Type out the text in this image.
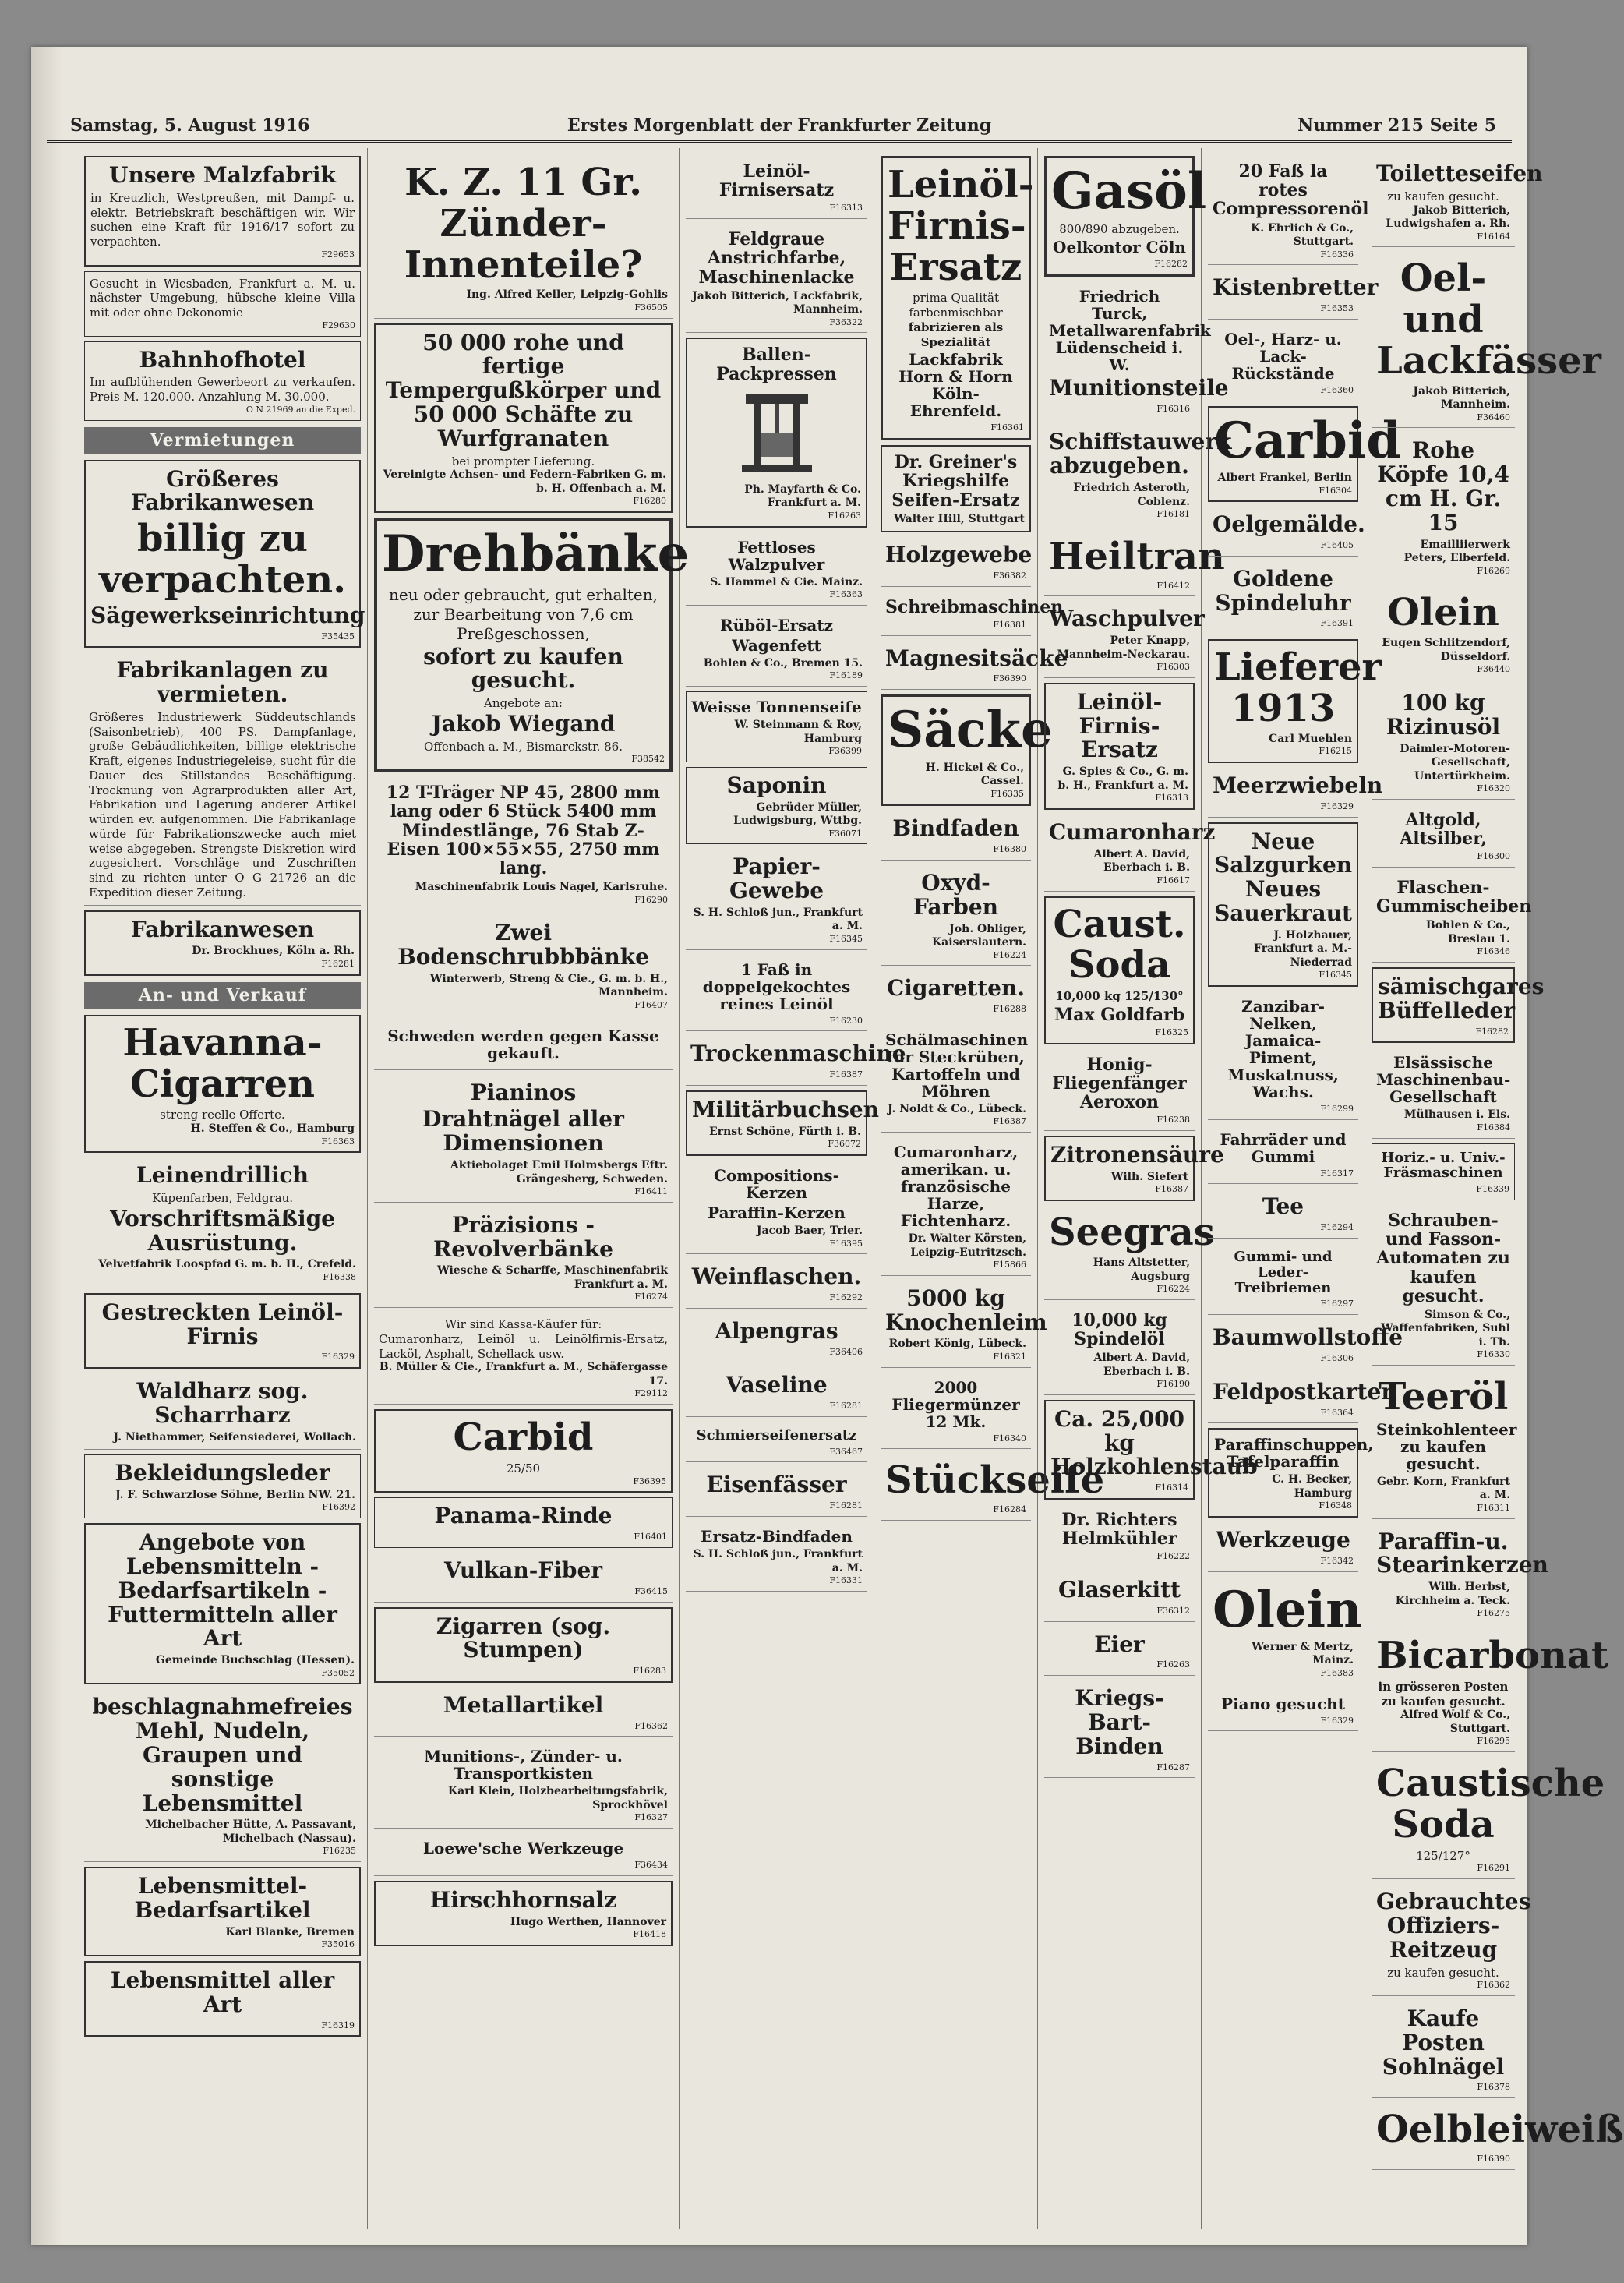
Samstag, 5. August 1916	Erstes Morgenblatt der Frankfurter Zeitung	Nummer 215 Seite 5
Unsere Malzfabrik
in Kreuzlich, Westpreußen, mit Dampf- u. elektr. Betriebskraft beschäftigen wir. Wir suchen eine Kraft für 1916/17 sofort zu verpachten.
F29653
Gesucht in Wiesbaden, Frankfurt a. M. u. nächster Umgebung, hübsche kleine Villa mit oder ohne Dekonomie
F29630
Bahnhofhotel
Im aufblühenden Gewerbeort zu verkaufen. Preis M. 120.000. Anzahlung M. 30.000.
O N 21969 an die Exped.
Vermietungen
Größeres Fabrikanwesen
billig zu verpachten.
Sägewerkseinrichtung
F35435
Fabrikanlagen zu vermieten.
Größeres Industriewerk Süddeutschlands (Saisonbetrieb), 400 PS. Dampfanlage, große Gebäudlichkeiten, billige elektrische Kraft, eigenes Industriegeleise, sucht für die Dauer des Stillstandes Beschäftigung. Trocknung von Agrarprodukten aller Art, Fabrikation und Lagerung anderer Artikel würden ev. aufgenommen. Die Fabrikanlage würde für Fabrikationszwecke auch miet weise abgegeben. Strengste Diskretion wird zugesichert. Vorschläge und Zuschriften sind zu richten unter O G 21726 an die Expedition dieser Zeitung.
Fabrikanwesen
Dr. Brockhues, Köln a. Rh.
F16281
An- und Verkauf
Havanna-Cigarren
streng reelle Offerte.
H. Steffen & Co., Hamburg
F16363
Leinendrillich
Küpenfarben, Feldgrau.
Vorschriftsmäßige Ausrüstung.
Velvetfabrik Loospfad G. m. b. H., Crefeld.
F16338
Gestreckten Leinöl-Firnis
F16329
Waldharz sog. Scharrharz
J. Niethammer, Seifensiederei, Wollach.
Bekleidungsleder
J. F. Schwarzlose Söhne, Berlin NW. 21.
F16392
Angebote von Lebensmitteln - Bedarfsartikeln - Futtermitteln aller Art
Gemeinde Buchschlag (Hessen).
F35052
beschlagnahmefreies Mehl, Nudeln, Graupen und sonstige Lebensmittel
Michelbacher Hütte, A. Passavant, Michelbach (Nassau).
F16235
Lebensmittel-Bedarfsartikel
Karl Blanke, Bremen
F35016
Lebensmittel aller Art
F16319
K. Z. 11 Gr. Zünder-Innenteile?
Ing. Alfred Keller, Leipzig-Gohlis
F36505
50 000 rohe und fertige Tempergußkörper und 50 000 Schäfte zu Wurfgranaten
bei prompter Lieferung.
Vereinigte Achsen- und Federn-Fabriken G. m. b. H. Offenbach a. M.
F16280
Drehbänke
neu oder gebraucht, gut erhalten, zur Bearbeitung von 7,6 cm Preßgeschossen,
sofort zu kaufen gesucht.
Angebote an:
Jakob Wiegand
Offenbach a. M., Bismarckstr. 86.
F38542
12 T-Träger NP 45, 2800 mm lang oder 6 Stück 5400 mm Mindestlänge, 76 Stab Z-Eisen 100×55×55, 2750 mm lang.
Maschinenfabrik Louis Nagel, Karlsruhe.
F16290
Zwei Bodenschrubbbänke
Winterwerb, Streng & Cie., G. m. b. H., Mannheim.
F16407
Schweden werden gegen Kasse gekauft.
Pianinos
Drahtnägel aller Dimensionen
Aktiebolaget Emil Holmsbergs Eftr. Grängesberg, Schweden.
F16411
Präzisions - Revolverbänke
Wiesche & Scharffe, Maschinenfabrik Frankfurt a. M.
F16274
Wir sind Kassa-Käufer für:
Cumaronharz, Leinöl u. Leinölfirnis-Ersatz, Lacköl, Asphalt, Schellack usw.
B. Müller & Cie., Frankfurt a. M., Schäfergasse 17.
F29112
Carbid
25/50
F36395
Panama-Rinde
F16401
Vulkan-Fiber
F36415
Zigarren (sog. Stumpen)
F16283
Metallartikel
F16362
Munitions-, Zünder- u. Transportkisten
Karl Klein, Holzbearbeitungsfabrik, Sprockhövel
F16327
Loewe'sche Werkzeuge
F36434
Hirschhornsalz
Hugo Werthen, Hannover
F16418
Leinöl-Firnisersatz
F16313
Feldgraue Anstrichfarbe, Maschinenlacke
Jakob Bitterich, Lackfabrik, Mannheim.
F36322
Ballen-Packpressen
Ph. Mayfarth & Co. Frankfurt a. M.
F16263
Fettloses Walzpulver
S. Hammel & Cie. Mainz.
F16363
Rüböl-Ersatz
Wagenfett
Bohlen & Co., Bremen 15.
F16189
Weisse Tonnenseife
W. Steinmann & Roy, Hamburg
F36399
Saponin
Gebrüder Müller, Ludwigsburg, Wttbg.
F36071
Papier-Gewebe
S. H. Schloß jun., Frankfurt a. M.
F16345
1 Faß in doppelgekochtes reines Leinöl
F16230
Trockenmaschine
F16387
Militärbuchsen
Ernst Schöne, Fürth i. B.
F36072
Compositions-Kerzen
Paraffin-Kerzen
Jacob Baer, Trier.
F16395
Weinflaschen.
F16292
Alpengras
F36406
Vaseline
F16281
Schmierseifenersatz
F36467
Eisenfässer
F16281
Ersatz-Bindfaden
S. H. Schloß jun., Frankfurt a. M.
F16331
Leinöl-Firnis-Ersatz
prima Qualität farbenmischbar
fabrizieren als Spezialität
Lackfabrik Horn & Horn Köln-Ehrenfeld.
F16361
Dr. Greiner's Kriegshilfe Seifen-Ersatz
Walter Hill, Stuttgart
Holzgewebe
F36382
Schreibmaschinen
F16381
Magnesitsäcke
F36390
Säcke
H. Hickel & Co., Cassel.
F16335
Bindfaden
F16380
Oxyd-Farben
Joh. Ohliger, Kaiserslautern.
F16224
Cigaretten.
F16288
Schälmaschinen für Steckrüben, Kartoffeln und Möhren
J. Noldt & Co., Lübeck.
F16387
Cumaronharz, amerikan. u. französische Harze, Fichtenharz.
Dr. Walter Körsten, Leipzig-Eutritzsch.
F15866
5000 kg Knochenleim
Robert König, Lübeck.
F16321
2000 Fliegermünzer 12 Mk.
F16340
Stückseife
F16284
Gasöl
800/890 abzugeben.
Oelkontor Cöln
F16282
Friedrich Turck, Metallwarenfabrik Lüdenscheid i. W.
Munitionsteile
F16316
Schiffstauwerk abzugeben.
Friedrich Asteroth, Coblenz.
F16181
Heiltran
F16412
Waschpulver
Peter Knapp, Mannheim-Neckarau.
F16303
Leinöl-Firnis-Ersatz
G. Spies & Co., G. m. b. H., Frankfurt a. M.
F16313
Cumaronharz
Albert A. David, Eberbach i. B.
F16617
Caust. Soda
10,000 kg 125/130°
Max Goldfarb
F16325
Honig-Fliegenfänger Aeroxon
F16238
Zitronensäure
Wilh. Siefert
F16387
Seegras
Hans Altstetter, Augsburg
F16224
10,000 kg Spindelöl
Albert A. David, Eberbach i. B.
F16190
Ca. 25,000 kg Holzkohlenstaub
F16314
Dr. Richters Helmkühler
F16222
Glaserkitt
F36312
Eier
F16263
Kriegs-Bart-Binden
F16287
20 Faß la rotes Compressorenöl
K. Ehrlich & Co., Stuttgart.
F16336
Kistenbretter
F16353
Oel-, Harz- u. Lack-Rückstände
F16360
Carbid
Albert Frankel, Berlin
F16304
Oelgemälde.
F16405
Goldene Spindeluhr
F16391
Lieferer 1913
Carl Muehlen
F16215
Meerzwiebeln
F16329
Neue Salzgurken Neues Sauerkraut
J. Holzhauer, Frankfurt a. M.-Niederrad
F16345
Zanzibar-Nelken, Jamaica-Piment, Muskatnuss, Wachs.
F16299
Fahrräder und Gummi
F16317
Tee
F16294
Gummi- und Leder-Treibriemen
F16297
Baumwollstoffe
F16306
Feldpostkarten
F16364
Paraffinschuppen, Tafelparaffin
C. H. Becker, Hamburg
F16348
Werkzeuge
F16342
Olein
Werner & Mertz, Mainz.
F16383
Piano gesucht
F16329
Toiletteseifen
zu kaufen gesucht.
Jakob Bitterich, Ludwigshafen a. Rh.
F16164
Oel- und Lackfässer
Jakob Bitterich, Mannheim.
F36460
Rohe Köpfe 10,4 cm H. Gr. 15
Emailliierwerk Peters, Elberfeld.
F16269
Olein
Eugen Schlitzendorf, Düsseldorf.
F36440
100 kg Rizinusöl
Daimler-Motoren-Gesellschaft, Untertürkheim.
F16320
Altgold, Altsilber,
F16300
Flaschen-Gummischeiben
Bohlen & Co., Breslau 1.
F16346
sämischgares Büffelleder
F16282
Elsässische Maschinenbau-Gesellschaft
Mülhausen i. Els.
F16384
Horiz.- u. Univ.-Fräsmaschinen
F16339
Schrauben- und Fasson-Automaten zu kaufen gesucht.
Simson & Co., Waffenfabriken, Suhl i. Th.
F16330
Teeröl
Steinkohlenteer zu kaufen gesucht.
Gebr. Korn, Frankfurt a. M.
F16311
Paraffin-u. Stearinkerzen
Wilh. Herbst, Kirchheim a. Teck.
F16275
Bicarbonat
in grösseren Posten zu kaufen gesucht.
Alfred Wolf & Co., Stuttgart.
F16295
Caustische Soda
125/127°
F16291
Gebrauchtes Offiziers-Reitzeug
zu kaufen gesucht.
F16362
Kaufe Posten Sohlnägel
F16378
Oelbleiweiß
F16390
